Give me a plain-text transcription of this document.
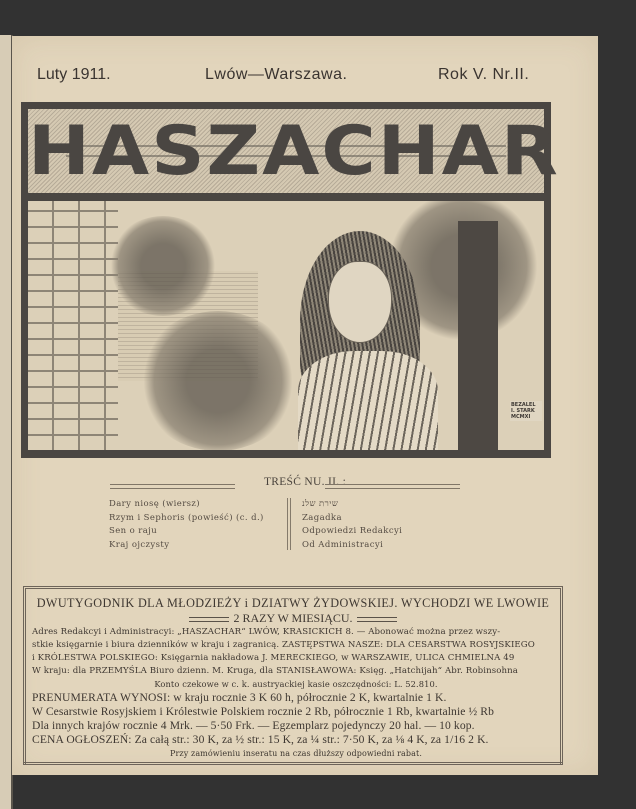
Luty 1911.	Lwów—Warszawa.	Rok V. Nr.II.
HASZACHAR
BEZALEL
I. STARK
MCMXI
TREŚĆ NU. II. :
Dary niosę (wiersz)
Rzym i Sephoris (powieść) (c. d.)
Sen o raju
Kraj ojczysty
שירת שלנ
Zagadka
Odpowiedzi Redakcyi
Od Administracyi
DWUTYGODNIK DLA MŁODZIEŻY i DZIATWY ŻYDOWSKIEJ. WYCHODZI WE LWOWIE
2 RAZY W MIESIĄCU.
Adres Redakcyi i Administracyi: „HASZACHAR“ LWÓW, KRASICKICH 8. — Abonować można przez wszy-
stkie księgarnie i biura dzienników w kraju i zagranicą. ZASTĘPSTWA NASZE: DLA CESARSTWA ROSYJSKIEGO
i KRÓLESTWA POLSKIEGO: Księgarnia nakładowa J. MERECKIEGO, w WARSZAWIE, ULICA CHMIELNA 49
W kraju: dla PRZEMYŚLA Biuro dzienn. M. Kruga, dla STANISŁAWOWA: Księg. „Hatchijah“ Abr. Robinsohna
Konto czekowe w c. k. austryackiej kasie oszczędności: L. 52.810.
PRENUMERATA WYNOSI: w kraju rocznie 3 K 60 h, półrocznie 2 K, kwartalnie 1 K.
W Cesarstwie Rosyjskiem i Królestwie Polskiem rocznie 2 Rb, półrocznie 1 Rb, kwartalnie ½ Rb
Dla innych krajów rocznie 4 Mrk. — 5·50 Frk. — Egzemplarz pojedynczy 20 hal. — 10 kop.
CENA OGŁOSZEŃ: Za całą str.: 30 K, za ½ str.: 15 K, za ¼ str.: 7·50 K, za ⅛ 4 K, za 1/16 2 K.
Przy zamówieniu inseratu na czas dłuższy odpowiedni rabat.
